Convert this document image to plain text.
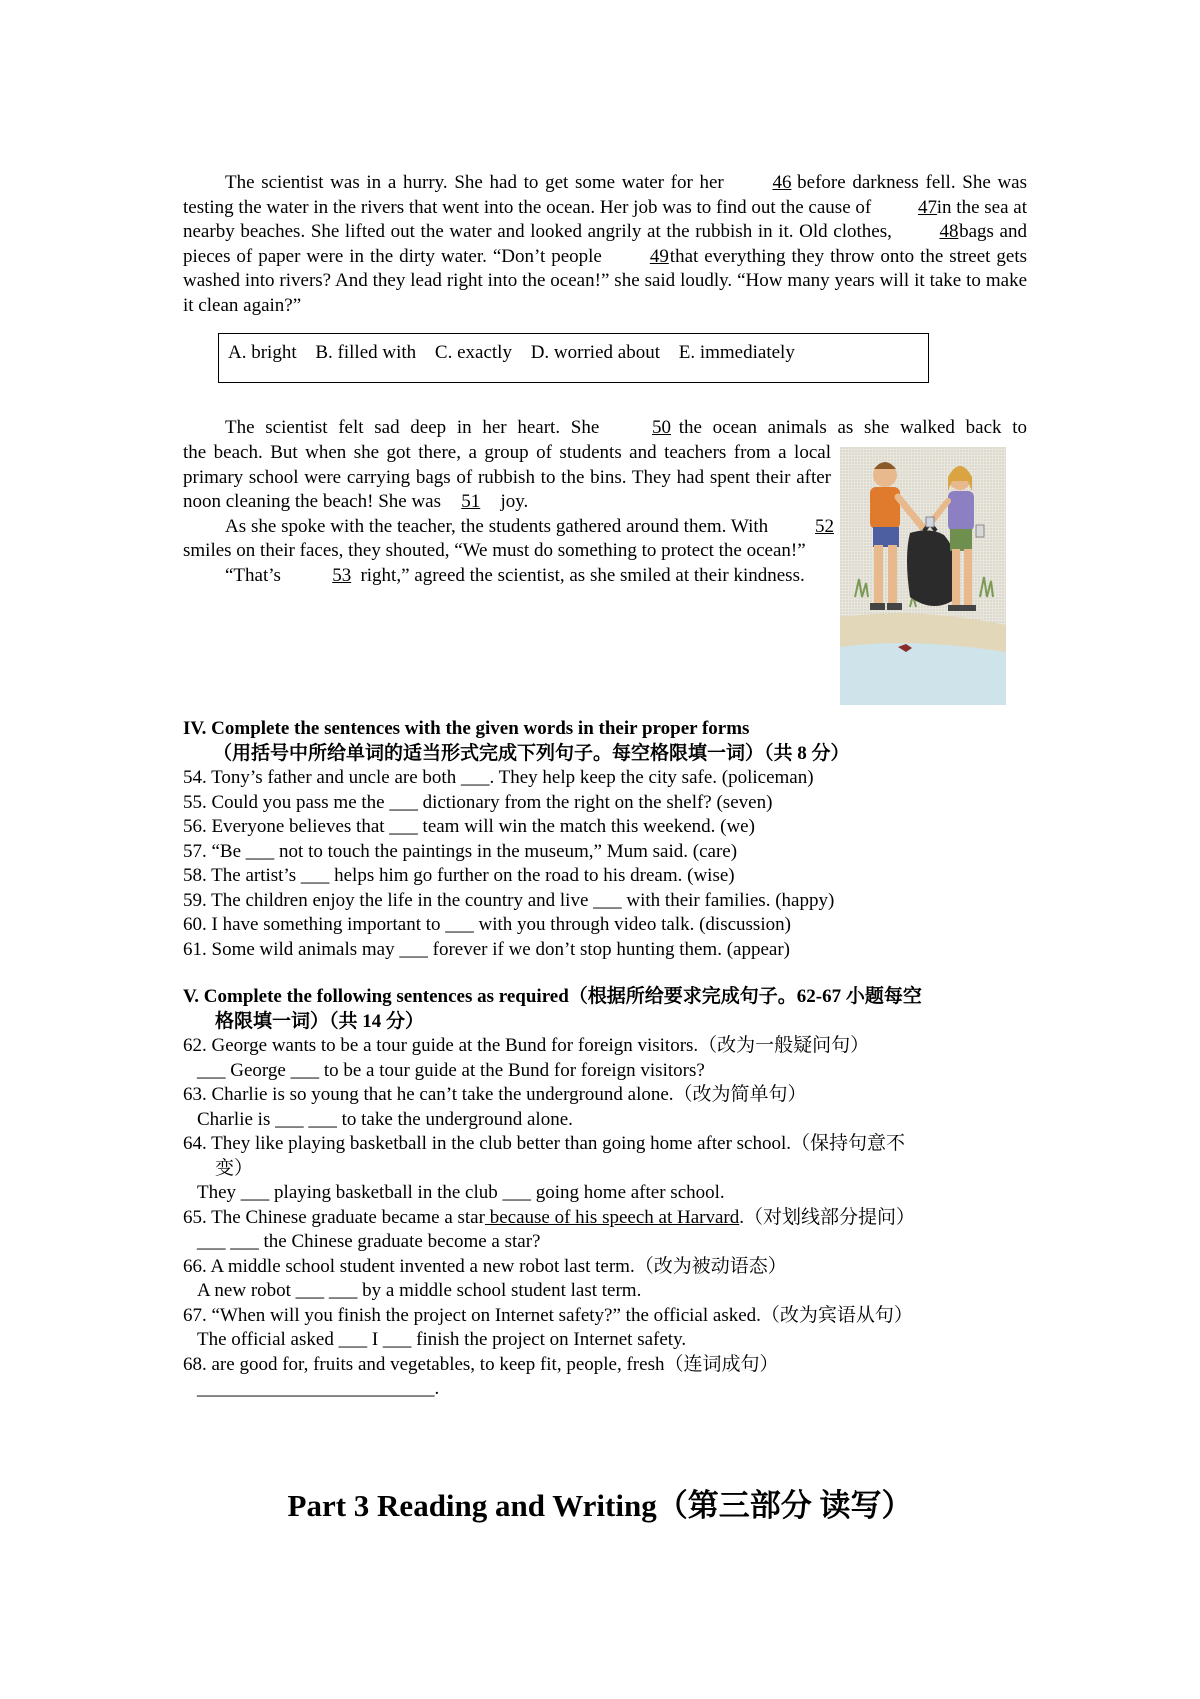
The scientist was in a hurry. She had to get some water for her	46 before darkness fell. She was testing the water in the rivers that went into the ocean. Her job was to find out the cause of 47 in the sea at nearby beaches. She lifted out the water and looked angrily at the rubbish in it. Old clothes,	48 bags and pieces of paper were in the dirty water. “Don’t people	49 that everything they throw onto the street gets washed into rivers? And they lead right into the ocean!” she said loudly. “How many years will it take to make it clean again?”

A. bright B. filled with C. exactly D. worried about E. immediately

The scientist felt sad deep in her heart. She	50 the ocean animals as she walked back to

the beach. But when she got there, a group of students and teachers from a local primary school were carrying bags of rubbish to the bins. They had spent their after noon cleaning the beach! She was 51 joy.

As she spoke with the teacher, the students gathered around them. With 52 smiles on their faces, they shouted, “We must do something to protect the ocean!”

“That’s	53 right,” agreed the scientist, as she smiled at their kindness.

IV. Complete the sentences with the given words in their proper forms

（用括号中所给单词的适当形式完成下列句子。每空格限填一词）（共 8 分）

54. Tony’s father and uncle are both ___. They help keep the city safe. (policeman)

55. Could you pass me the ___ dictionary from the right on the shelf? (seven)

56. Everyone believes that ___ team will win the match this weekend. (we)

57. “Be ___ not to touch the paintings in the museum,” Mum said. (care)

58. The artist’s ___ helps him go further on the road to his dream. (wise)

59. The children enjoy the life in the country and live ___ with their families. (happy)

60. I have something important to ___ with you through video talk. (discussion)

61. Some wild animals may ___ forever if we don’t stop hunting them. (appear)

V. Complete the following sentences as required（根据所给要求完成句子。62-67 小题每空

格限填一词）（共 14 分）

62. George wants to be a tour guide at the Bund for foreign visitors.（改为一般疑问句）

___ George ___ to be a tour guide at the Bund for foreign visitors?

63. Charlie is so young that he can’t take the underground alone.（改为简单句）

Charlie is ___ ___ to take the underground alone.

64. They like playing basketball in the club better than going home after school.（保持句意不

变）

They ___ playing basketball in the club ___ going home after school.

65. The Chinese graduate became a star because of his speech at Harvard.（对划线部分提问）

___ ___ the Chinese graduate become a star?

66. A middle school student invented a new robot last term.（改为被动语态）

A new robot ___ ___ by a middle school student last term.

67. “When will you finish the project on Internet safety?” the official asked.（改为宾语从句）

The official asked ___ I ___ finish the project on Internet safety.

68. are good for, fruits and vegetables, to keep fit, people, fresh（连词成句）

_________________________.

Part 3 Reading and Writing（第三部分 读写）
